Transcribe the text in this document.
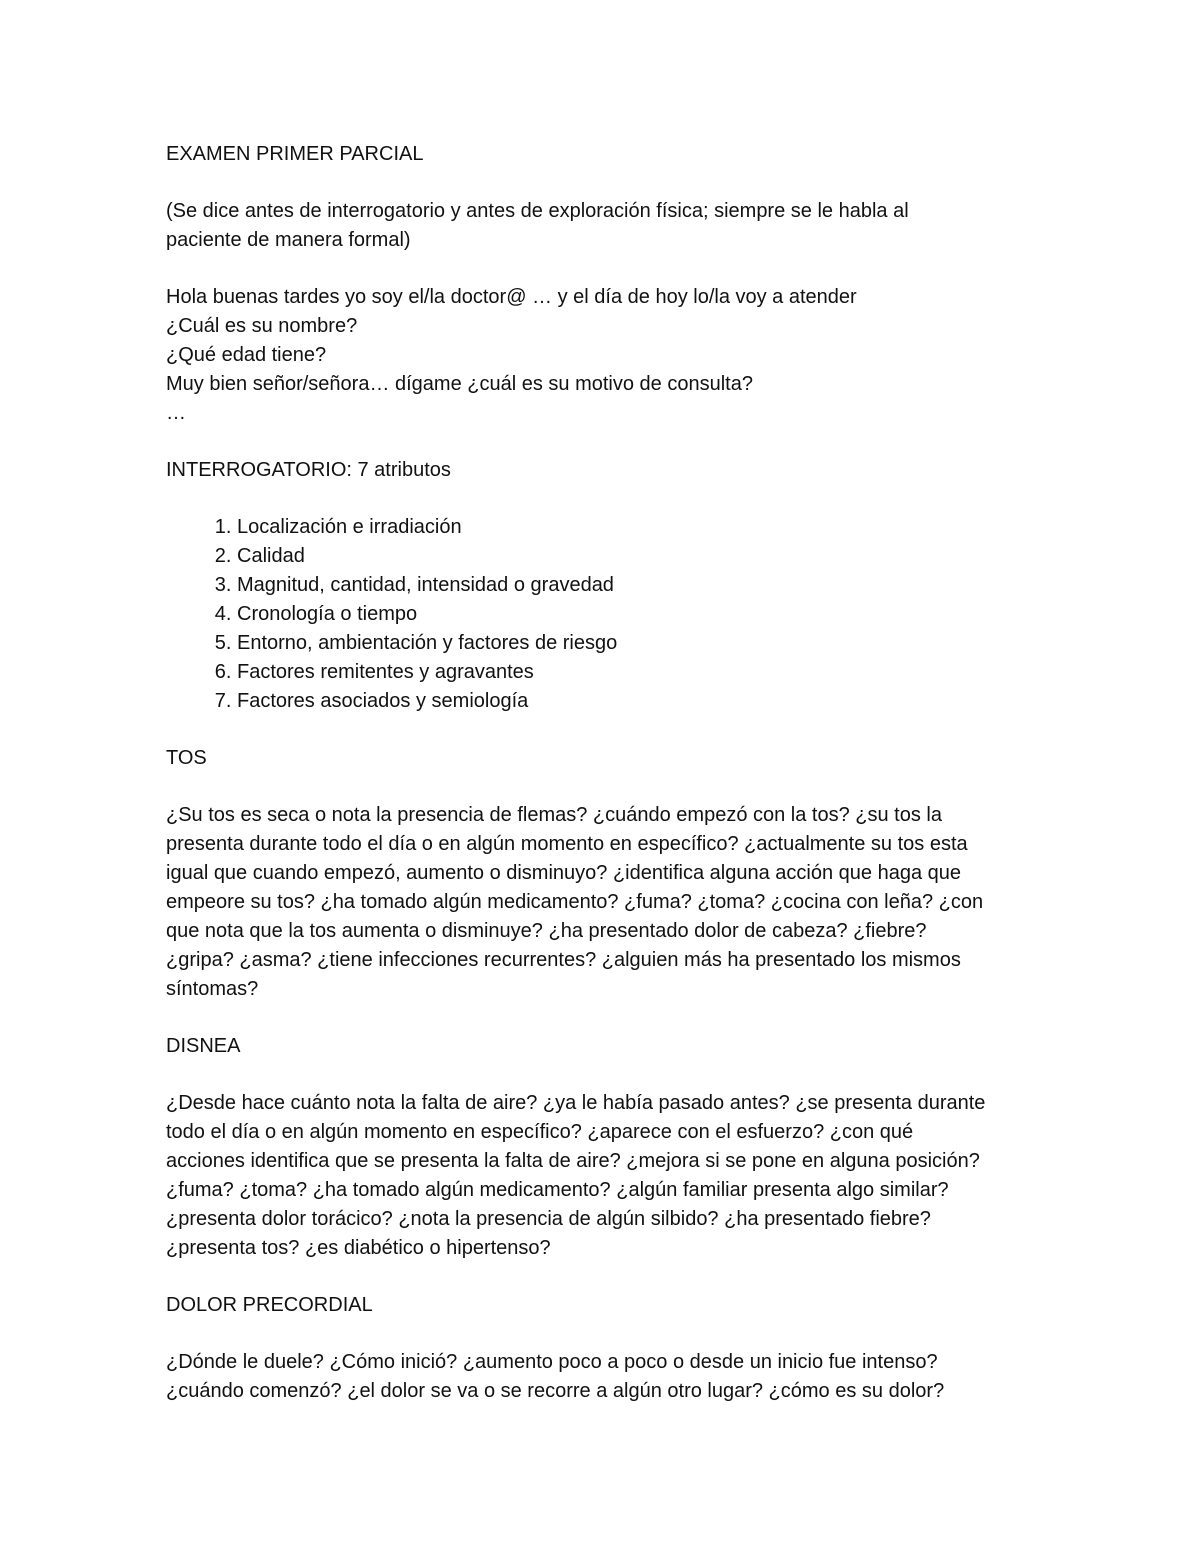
EXAMEN PRIMER PARCIAL
(Se dice antes de interrogatorio y antes de exploración física; siempre se le habla al
paciente de manera formal)
Hola buenas tardes yo soy el/la doctor@ … y el día de hoy lo/la voy a atender
¿Cuál es su nombre?
¿Qué edad tiene?
Muy bien señor/señora… dígame ¿cuál es su motivo de consulta?
…
INTERROGATORIO: 7 atributos
1. Localización e irradiación
2. Calidad
3. Magnitud, cantidad, intensidad o gravedad
4. Cronología o tiempo
5. Entorno, ambientación y factores de riesgo
6. Factores remitentes y agravantes
7. Factores asociados y semiología
TOS
¿Su tos es seca o nota la presencia de flemas? ¿cuándo empezó con la tos? ¿su tos la
presenta durante todo el día o en algún momento en específico? ¿actualmente su tos esta
igual que cuando empezó, aumento o disminuyo? ¿identifica alguna acción que haga que
empeore su tos? ¿ha tomado algún medicamento? ¿fuma? ¿toma? ¿cocina con leña? ¿con
que nota que la tos aumenta o disminuye? ¿ha presentado dolor de cabeza? ¿fiebre?
¿gripa? ¿asma? ¿tiene infecciones recurrentes? ¿alguien más ha presentado los mismos
síntomas?
DISNEA
¿Desde hace cuánto nota la falta de aire? ¿ya le había pasado antes? ¿se presenta durante
todo el día o en algún momento en específico? ¿aparece con el esfuerzo? ¿con qué
acciones identifica que se presenta la falta de aire? ¿mejora si se pone en alguna posición?
¿fuma? ¿toma? ¿ha tomado algún medicamento? ¿algún familiar presenta algo similar?
¿presenta dolor torácico? ¿nota la presencia de algún silbido? ¿ha presentado fiebre?
¿presenta tos? ¿es diabético o hipertenso?
DOLOR PRECORDIAL
¿Dónde le duele? ¿Cómo inició? ¿aumento poco a poco o desde un inicio fue intenso?
¿cuándo comenzó? ¿el dolor se va o se recorre a algún otro lugar? ¿cómo es su dolor?
